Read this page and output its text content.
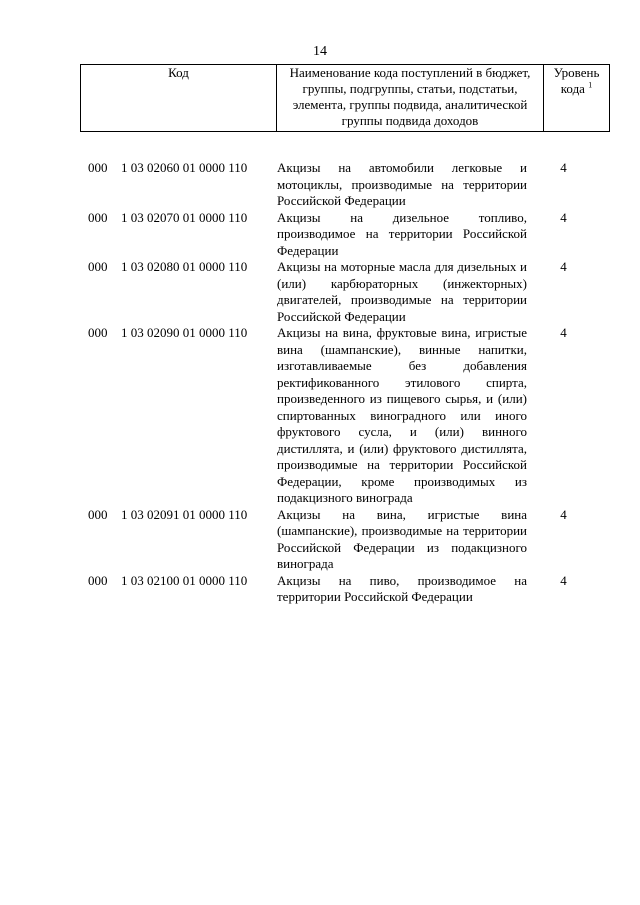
14
Код	Наименование кода поступлений в бюджет, группы, подгруппы, статьи, подстатьи, элемента, группы подвида, аналитической группы подвида доходов	Уровень кода $^1$
000	1 03 02060 01 0000 110	Акцизы на автомобили легковые и мотоциклы, производимые на территории Российской Федерации
4
000	1 03 02070 01 0000 110	Акцизы на дизельное топливо, производимое на территории Российской Федерации
4
000	1 03 02080 01 0000 110	Акцизы на моторные масла для дизельных и (или) карбюраторных (инжекторных) двигателей, производимые на территории Российской Федерации
4
000	1 03 02090 01 0000 110	Акцизы на вина, фруктовые вина, игристые вина (шампанские), винные напитки, изготавливаемые без добавления ректификованного этилового спирта, произведенного из пищевого сырья, и (или) спиртованных виноградного или иного фруктового сусла, и (или) винного дистиллята, и (или) фруктового дистиллята, производимые на территории Российской Федерации, кроме производимых из подакцизного винограда
4
000	1 03 02091 01 0000 110	Акцизы на вина, игристые вина (шампанские), производимые на территории Российской Федерации из подакцизного винограда
4
000	1 03 02100 01 0000 110	Акцизы на пиво, производимое на территории Российской Федерации
4
